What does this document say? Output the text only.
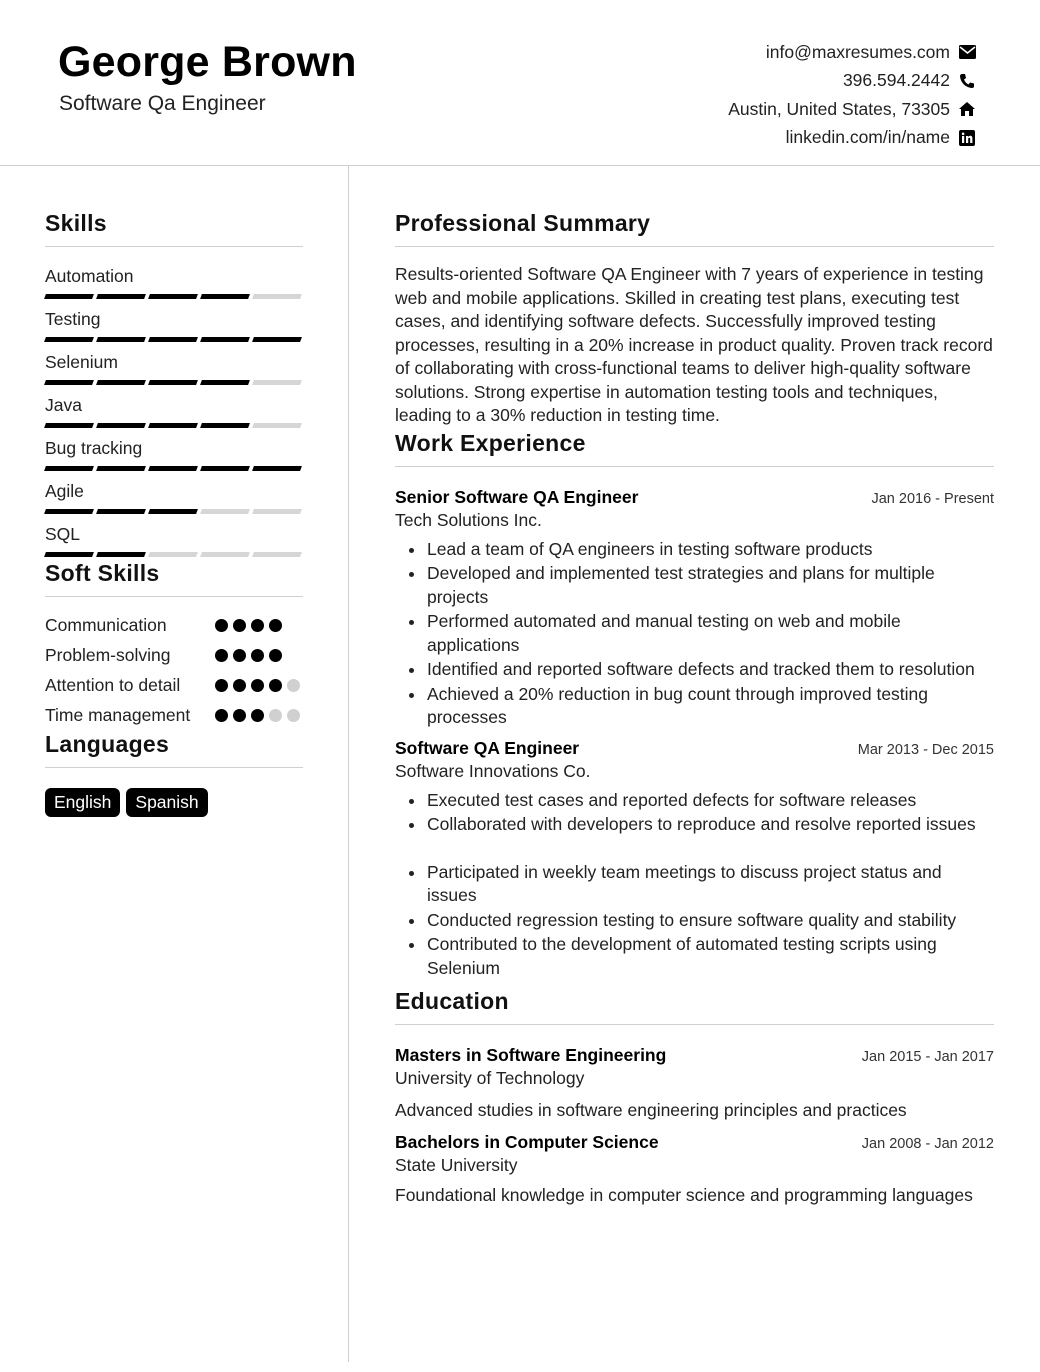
George Brown
Software Qa Engineer
info@maxresumes.com
396.594.2442
Austin, United States, 73305
linkedin.com/in/name
Skills
Automation
Testing
Selenium
Java
Bug tracking
Agile
SQL
Soft Skills
Communication
Problem-solving
Attention to detail
Time management
Languages
English	Spanish
Professional Summary
Results-oriented Software QA Engineer with 7 years of experience in testing web and mobile applications. Skilled in creating test plans, executing test cases, and identifying software defects. Successfully improved testing processes, resulting in a 20% increase in product quality. Proven track record of collaborating with cross-functional teams to deliver high-quality software solutions. Strong expertise in automation testing tools and techniques, leading to a 30% reduction in testing time.
Work Experience
Senior Software QA Engineer	Jan 2016 - Present
Tech Solutions Inc.
Lead a team of QA engineers in testing software products
Developed and implemented test strategies and plans for multiple projects
Performed automated and manual testing on web and mobile applications
Identified and reported software defects and tracked them to resolution
Achieved a 20% reduction in bug count through improved testing processes
Software QA Engineer	Mar 2013 - Dec 2015
Software Innovations Co.
Executed test cases and reported defects for software releases
Collaborated with developers to reproduce and resolve reported issues
Participated in weekly team meetings to discuss project status and issues
Conducted regression testing to ensure software quality and stability
Contributed to the development of automated testing scripts using Selenium
Education
Masters in Software Engineering	Jan 2015 - Jan 2017
University of Technology
Advanced studies in software engineering principles and practices
Bachelors in Computer Science	Jan 2008 - Jan 2012
State University
Foundational knowledge in computer science and programming languages
